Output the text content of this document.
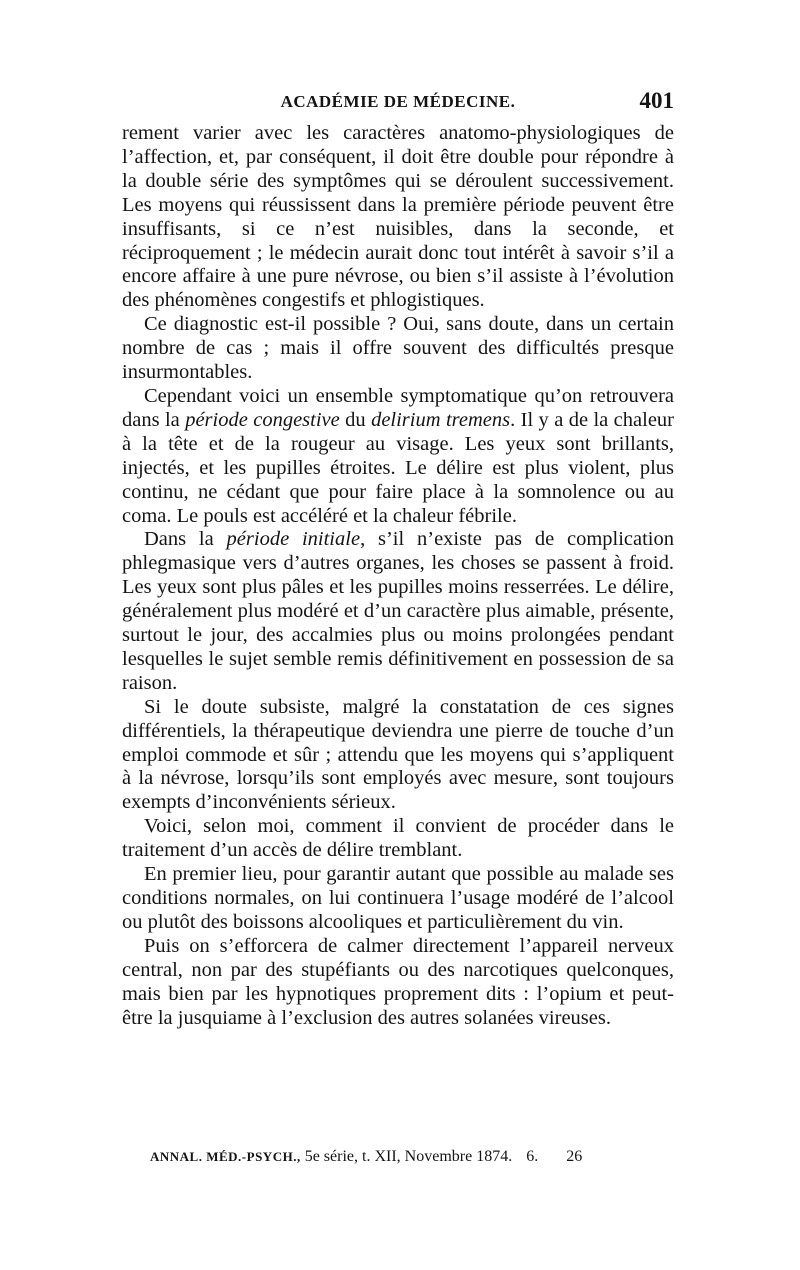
ACADÉMIE DE MÉDECINE.	401

rement varier avec les caractères anatomo-physiologiques de l’affection, et, par conséquent, il doit être double pour répondre à la double série des symptômes qui se déroulent successivement. Les moyens qui réussissent dans la première période peuvent être insuffisants, si ce n’est nuisibles, dans la seconde, et réciproquement ; le médecin aurait donc tout intérêt à savoir s’il a encore affaire à une pure névrose, ou bien s’il assiste à l’évolution des phénomènes congestifs et phlogistiques.

Ce diagnostic est-il possible ? Oui, sans doute, dans un certain nombre de cas ; mais il offre souvent des difficultés presque insurmontables.

Cependant voici un ensemble symptomatique qu’on retrouvera dans la période congestive du delirium tremens. Il y a de la chaleur à la tête et de la rougeur au visage. Les yeux sont brillants, injectés, et les pupilles étroites. Le délire est plus violent, plus continu, ne cédant que pour faire place à la somnolence ou au coma. Le pouls est accéléré et la chaleur fébrile.

Dans la période initiale, s’il n’existe pas de complication phlegmasique vers d’autres organes, les choses se passent à froid. Les yeux sont plus pâles et les pupilles moins resserrées. Le délire, généralement plus modéré et d’un caractère plus aimable, présente, surtout le jour, des accalmies plus ou moins prolongées pendant lesquelles le sujet semble remis définitivement en possession de sa raison.

Si le doute subsiste, malgré la constatation de ces signes différentiels, la thérapeutique deviendra une pierre de touche d’un emploi commode et sûr ; attendu que les moyens qui s’appliquent à la névrose, lorsqu’ils sont employés avec mesure, sont toujours exempts d’inconvénients sérieux.

Voici, selon moi, comment il convient de procéder dans le traitement d’un accès de délire tremblant.

En premier lieu, pour garantir autant que possible au malade ses conditions normales, on lui continuera l’usage modéré de l’alcool ou plutôt des boissons alcooliques et particulièrement du vin.

Puis on s’efforcera de calmer directement l’appareil nerveux central, non par des stupéfiants ou des narcotiques quelconques, mais bien par les hypnotiques proprement dits : l’opium et peut-être la jusquiame à l’exclusion des autres solanées vireuses.

ANNAL. MÉD.-PSYCH., 5e série, t. XII, Novembre 1874. 6. 26
